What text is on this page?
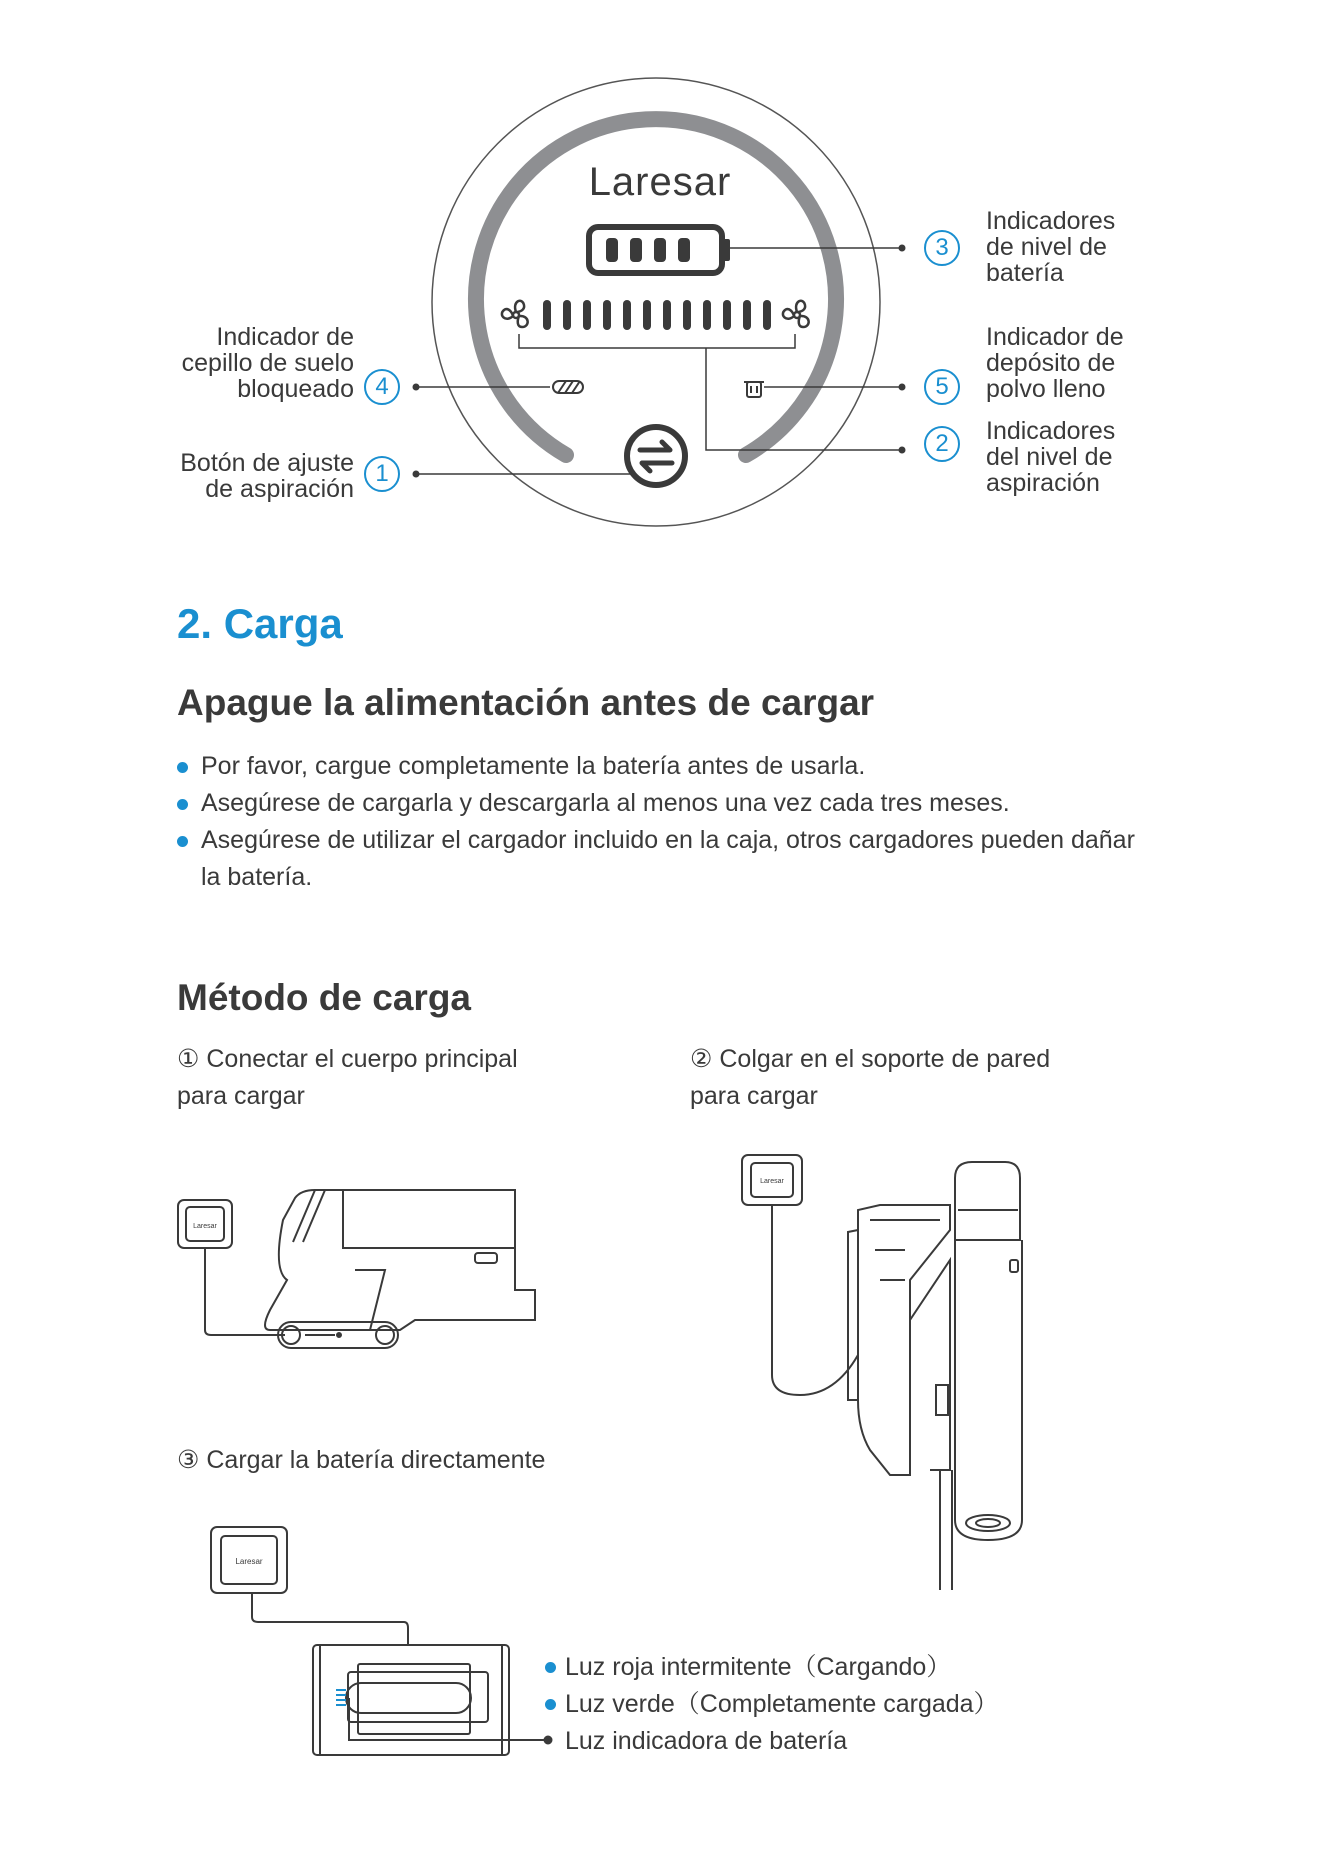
Laresar
3
Indicadores
de nivel de
batería
5
Indicador de
depósito de
polvo lleno
2	Indicadores
del nivel de
aspiración
4
Indicador de
cepillo de suelo
bloqueado
1
Botón de ajuste
de aspiración
2. Carga
Apague la alimentación antes de cargar
Por favor, cargue completamente la batería antes de usarla.
Asegúrese de cargarla y descargarla al menos una vez cada tres meses.
Asegúrese de utilizar el cargador incluido en la caja, otros cargadores pueden dañar la batería.
Método de carga
① Conectar el cuerpo principal
para cargar
② Colgar en el soporte de pared
para cargar
Laresar
Laresar
③ Cargar la batería directamente
Laresar
Luz roja intermitente（Cargando）
Luz verde（Completamente cargada）
Luz indicadora de batería
